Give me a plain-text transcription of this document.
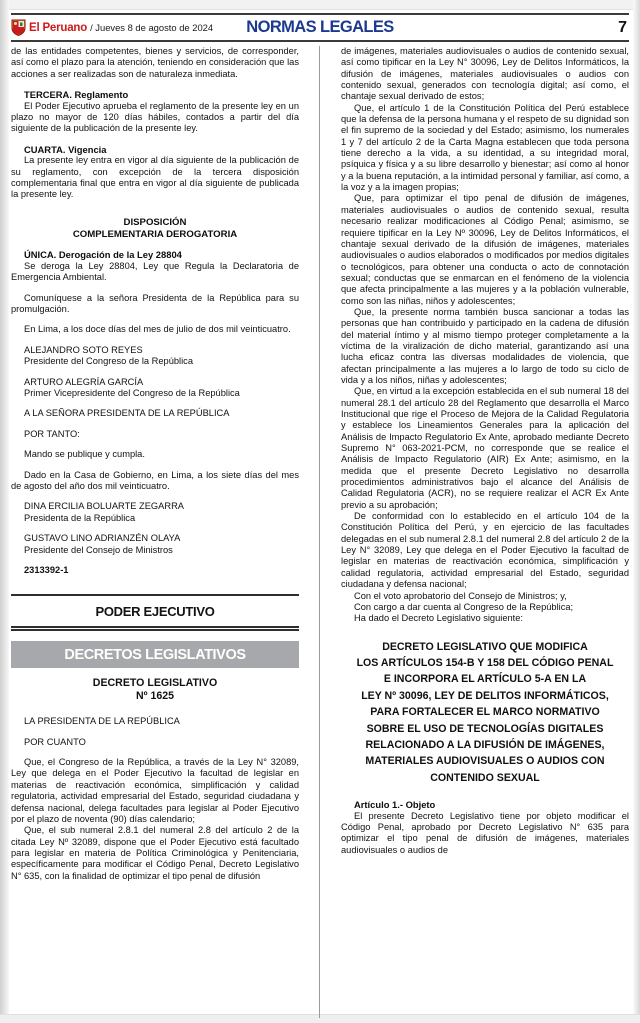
El Peruano / Jueves 8 de agosto de 2024	NORMAS LEGALES	7

de las entidades competentes, bienes y servicios, de corresponder, así como el plazo para la atención, teniendo en consideración que las acciones a ser realizadas son de naturaleza inmediata.

TERCERA. Reglamento

El Poder Ejecutivo aprueba el reglamento de la presente ley en un plazo no mayor de 120 días hábiles, contados a partir del día siguiente de la publicación de la presente ley.

CUARTA. Vigencia

La presente ley entra en vigor al día siguiente de la publicación de su reglamento, con excepción de la tercera disposición complementaria final que entra en vigor al día siguiente de publicada la presente ley.

DISPOSICIÓN

COMPLEMENTARIA DEROGATORIA

ÚNICA. Derogación de la Ley 28804

Se deroga la Ley 28804, Ley que Regula la Declaratoria de Emergencia Ambiental.

Comuníquese a la señora Presidenta de la República para su promulgación.

En Lima, a los doce días del mes de julio de dos mil veinticuatro.

ALEJANDRO SOTO REYES

Presidente del Congreso de la República

ARTURO ALEGRÍA GARCÍA

Primer Vicepresidente del Congreso de la República

A LA SEÑORA PRESIDENTA DE LA REPÚBLICA

POR TANTO:

Mando se publique y cumpla.

Dado en la Casa de Gobierno, en Lima, a los siete días del mes de agosto del año dos mil veinticuatro.

DINA ERCILIA BOLUARTE ZEGARRA

Presidenta de la República

GUSTAVO LINO ADRIANZÉN OLAYA

Presidente del Consejo de Ministros

2313392-1

PODER EJECUTIVO
DECRETOS LEGISLATIVOS
DECRETO LEGISLATIVO
Nº 1625

LA PRESIDENTA DE LA REPÚBLICA

POR CUANTO

Que, el Congreso de la República, a través de la Ley N° 32089, Ley que delega en el Poder Ejecutivo la facultad de legislar en materias de reactivación económica, simplificación y calidad regulatoria, actividad empresarial del Estado, seguridad ciudadana y defensa nacional, delega facultades para legislar al Poder Ejecutivo por el plazo de noventa (90) días calendario;

Que, el sub numeral 2.8.1 del numeral 2.8 del artículo 2 de la citada Ley Nº 32089, dispone que el Poder Ejecutivo está facultado para legislar en materia de Política Criminológica y Penitenciaria, específicamente para modificar el Código Penal, Decreto Legislativo N° 635, con la finalidad de optimizar el tipo penal de difusión

de imágenes, materiales audiovisuales o audios de contenido sexual, así como tipificar en la Ley N° 30096, Ley de Delitos Informáticos, la difusión de imágenes, materiales audiovisuales o audios con contenido sexual, generados con tecnología digital; así como, el chantaje sexual derivado de estos;

Que, el artículo 1 de la Constitución Política del Perú establece que la defensa de la persona humana y el respeto de su dignidad son el fin supremo de la sociedad y del Estado; asimismo, los numerales 1 y 7 del artículo 2 de la Carta Magna establecen que toda persona tiene derecho a la vida, a su identidad, a su integridad moral, psíquica y física y a su libre desarrollo y bienestar; así como al honor y a la buena reputación, a la intimidad personal y familiar, así como, a la voz y a la imagen propias;

Que, para optimizar el tipo penal de difusión de imágenes, materiales audiovisuales o audios de contenido sexual, resulta necesario realizar modificaciones al Código Penal; asimismo, se requiere tipificar en la Ley Nº 30096, Ley de Delitos Informáticos, el chantaje sexual derivado de la difusión de imágenes, materiales audiovisuales o audios elaborados o modificados por medios digitales o tecnológicos, para obtener una conducta o acto de connotación sexual; conductas que se enmarcan en el fenómeno de la violencia que afecta principalmente a las mujeres y a la población vulnerable, como son las niñas, niños y adolescentes;

Que, la presente norma también busca sancionar a todas las personas que han contribuido y participado en la cadena de difusión del material íntimo y al mismo tiempo proteger completamente a la víctima de la viralización de dicho material, garantizando así una lucha eficaz contra las diversas modalidades de violencia, que afectan principalmente a las mujeres a lo largo de todo su ciclo de vida y a los niños, niñas y adolescentes;

Que, en virtud a la excepción establecida en el sub numeral 18 del numeral 28.1 del artículo 28 del Reglamento que desarrolla el Marco Institucional que rige el Proceso de Mejora de la Calidad Regulatoria y establece los Lineamientos Generales para la aplicación del Análisis de Impacto Regulatorio Ex Ante, aprobado mediante Decreto Supremo N° 063-2021-PCM, no corresponde que se realice el Análisis de Impacto Regulatorio (AIR) Ex Ante; asimismo, en la medida que el presente Decreto Legislativo no desarrolla procedimientos administrativos bajo el alcance del Análisis de Calidad Regulatoria (ACR), no se requiere realizar el ACR Ex Ante previo a su aprobación;

De conformidad con lo establecido en el artículo 104 de la Constitución Política del Perú, y en ejercicio de las facultades delegadas en el sub numeral 2.8.1 del numeral 2.8 del artículo 2 de la Ley N° 32089, Ley que delega en el Poder Ejecutivo la facultad de legislar en materias de reactivación económica, simplificación y calidad regulatoria, actividad empresarial del Estado, seguridad ciudadana y defensa nacional;

Con el voto aprobatorio del Consejo de Ministros; y,

Con cargo a dar cuenta al Congreso de la República;

Ha dado el Decreto Legislativo siguiente:

DECRETO LEGISLATIVO QUE MODIFICA
LOS ARTÍCULOS 154-B Y 158 DEL CÓDIGO PENAL
E INCORPORA EL ARTÍCULO 5-A EN LA
LEY Nº 30096, LEY DE DELITOS INFORMÁTICOS,
PARA FORTALECER EL MARCO NORMATIVO
SOBRE EL USO DE TECNOLOGÍAS DIGITALES
RELACIONADO A LA DIFUSIÓN DE IMÁGENES,
MATERIALES AUDIOVISUALES O AUDIOS CON
CONTENIDO SEXUAL

Artículo 1.- Objeto

El presente Decreto Legislativo tiene por objeto modificar el Código Penal, aprobado por Decreto Legislativo N° 635 para optimizar el tipo penal de difusión de imágenes, materiales audiovisuales o audios de
